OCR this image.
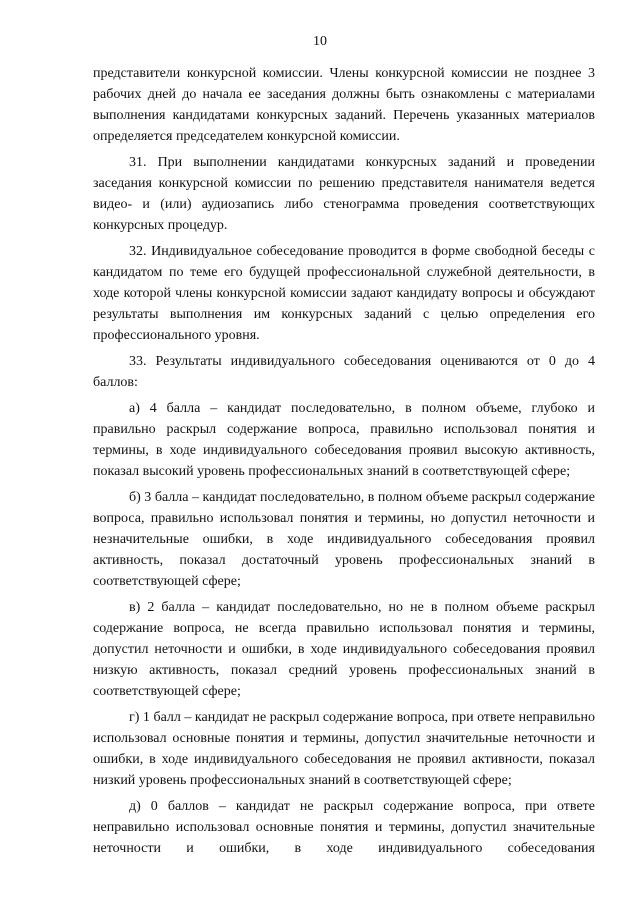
10

представители конкурсной комиссии. Члены конкурсной комиссии не позднее 3 рабочих дней до начала ее заседания должны быть ознакомлены с материалами выполнения кандидатами конкурсных заданий. Перечень указанных материалов определяется председателем конкурсной комиссии.

31. При выполнении кандидатами конкурсных заданий и проведении заседания конкурсной комиссии по решению представителя нанимателя ведется видео- и (или) аудиозапись либо стенограмма проведения соответствующих конкурсных процедур.

32. Индивидуальное собеседование проводится в форме свободной беседы с кандидатом по теме его будущей профессиональной служебной деятельности, в ходе которой члены конкурсной комиссии задают кандидату вопросы и обсуждают результаты выполнения им конкурсных заданий с целью определения его профессионального уровня.

33. Результаты индивидуального собеседования оцениваются от 0 до 4 баллов:

а) 4 балла – кандидат последовательно, в полном объеме, глубоко и правильно раскрыл содержание вопроса, правильно использовал понятия и термины, в ходе индивидуального собеседования проявил высокую активность, показал высокий уровень профессиональных знаний в соответствующей сфере;

б) 3 балла – кандидат последовательно, в полном объеме раскрыл содержание вопроса, правильно использовал понятия и термины, но допустил неточности и незначительные ошибки, в ходе индивидуального собеседования проявил активность, показал достаточный уровень профессиональных знаний в соответствующей сфере;

в) 2 балла – кандидат последовательно, но не в полном объеме раскрыл содержание вопроса, не всегда правильно использовал понятия и термины, допустил неточности и ошибки, в ходе индивидуального собеседования проявил низкую активность, показал средний уровень профессиональных знаний в соответствующей сфере;

г) 1 балл – кандидат не раскрыл содержание вопроса, при ответе неправильно использовал основные понятия и термины, допустил значительные неточности и ошибки, в ходе индивидуального собеседования не проявил активности, показал низкий уровень профессиональных знаний в соответствующей сфере;

д) 0 баллов – кандидат не раскрыл содержание вопроса, при ответе неправильно использовал основные понятия и термины, допустил значительные неточности и ошибки, в ходе индивидуального собеседования
